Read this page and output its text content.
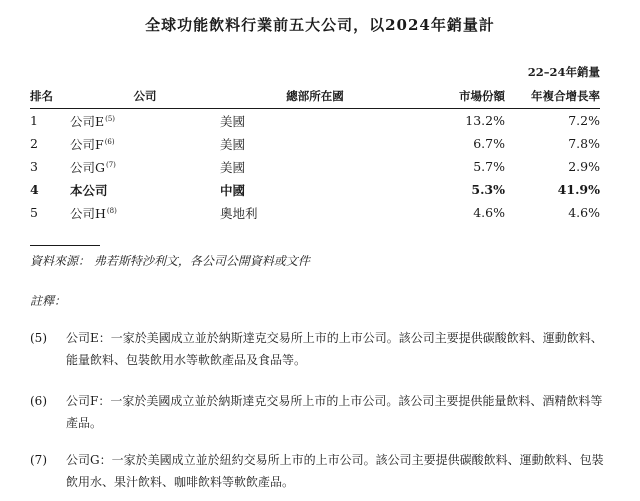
全球功能飲料行業前五大公司，以2024年銷量計
排名	公司	總部所在國	市場份額	22–24年銷量
年複合增長率

1	公司$E^{(5)}$	美國	13.2%	7.2%
2	公司$F^{(6)}$	美國	6.7%	7.8%
3	公司$G^{(7)}$	美國	5.7%	2.9%
4	本公司	中國	5.3%	41.9%
5	公司$H^{(8)}$	奧地利	4.6%	4.6%
資料來源： 弗若斯特沙利文，各公司公開資料或文件
註釋：
(5)	公司E：一家於美國成立並於納斯達克交易所上市的上市公司。該公司主要提供碳酸飲料、運動飲料、能量飲料、包裝飲用水等軟飲產品及食品等。
(6)	公司F：一家於美國成立並於納斯達克交易所上市的上市公司。該公司主要提供能量飲料、酒精飲料等產品。
(7)	公司G：一家於美國成立並於紐約交易所上市的上市公司。該公司主要提供碳酸飲料、運動飲料、包裝飲用水、果汁飲料、咖啡飲料等軟飲產品。
